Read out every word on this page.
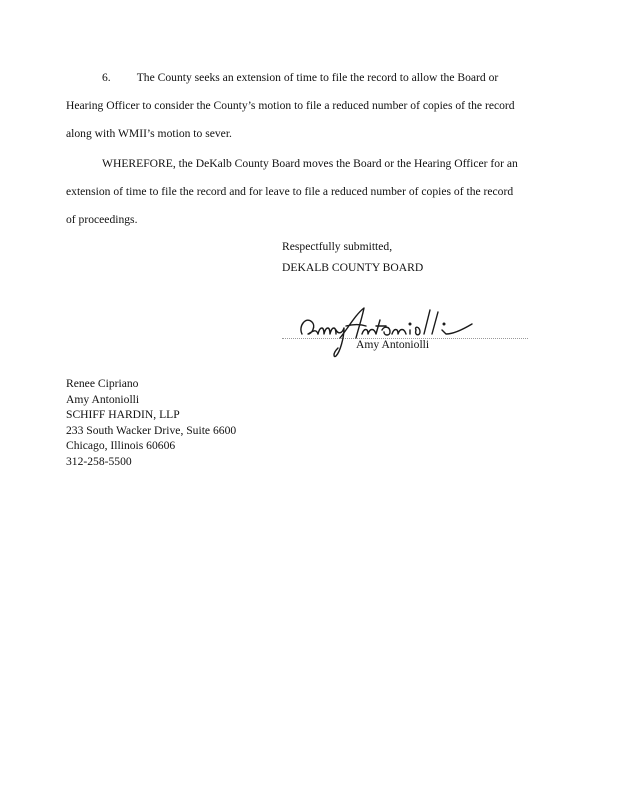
6. The County seeks an extension of time to file the record to allow the Board or
Hearing Officer to consider the County’s motion to file a reduced number of copies of the record
along with WMII’s motion to sever.
WHEREFORE, the DeKalb County Board moves the Board or the Hearing Officer for an
extension of time to file the record and for leave to file a reduced number of copies of the record
of proceedings.
Respectfully submitted,
DEKALB COUNTY BOARD
Amy Antoniolli
Renee Cipriano
Amy Antoniolli
SCHIFF HARDIN, LLP
233 South Wacker Drive, Suite 6600
Chicago, Illinois 60606
312-258-5500
